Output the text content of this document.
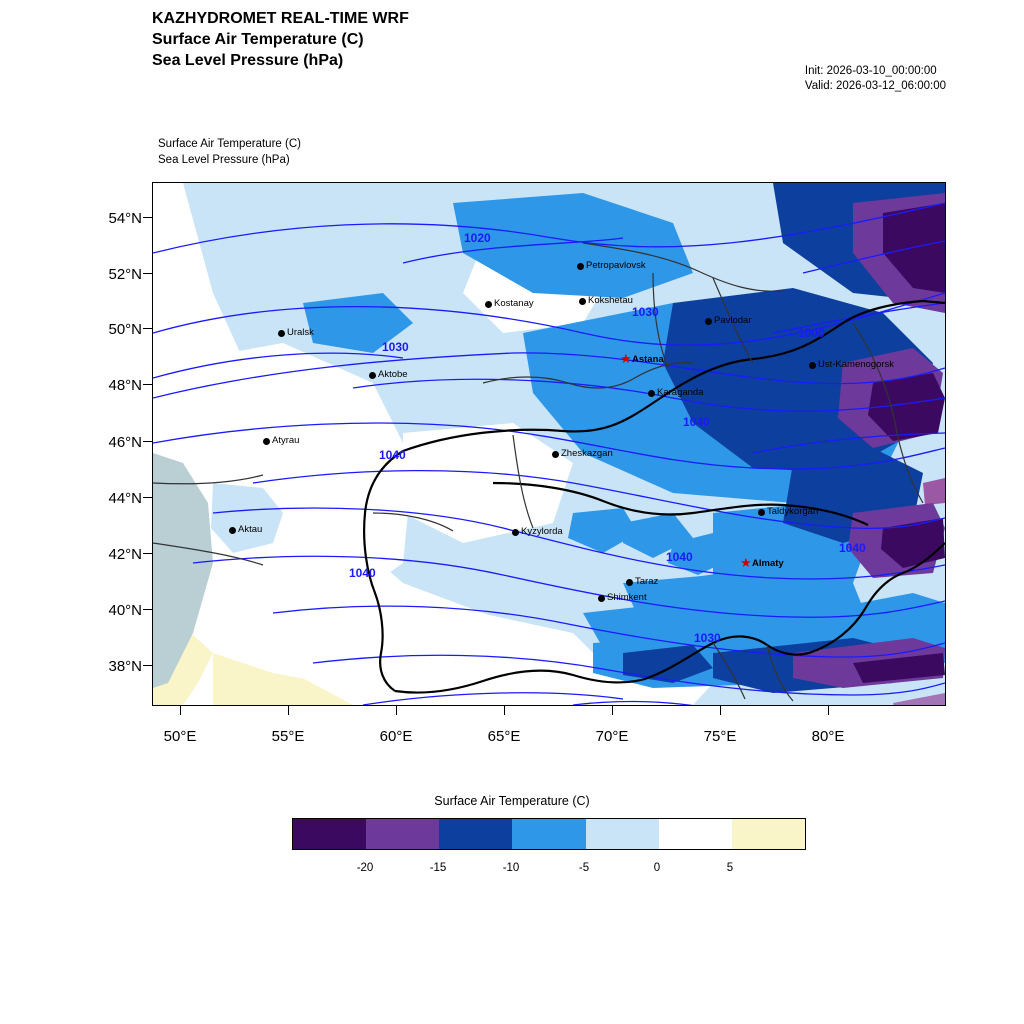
KAZHYDROMET REAL-TIME WRF
Surface Air Temperature (C)
Sea Level Pressure (hPa)
Init: 2026-03-10_00:00:00
Valid: 2026-03-12_06:00:00
Surface Air Temperature (C)
Sea Level Pressure (hPa)
1020
1030
1030
1040
1040
1040
1040
1040
1000
1030
Petropavlovsk
Kostanay	Kokshetau
Pavlodar
Uralsk
Aktobe
★ Astana	Ust-Kamenogorsk
Karaganda
Atyrau
Zheskazgan
Taldykorgan
Aktau	Kyzylorda
★ Almaty
Taraz
Shimkent
54°N
52°N
50°N
48°N
46°N
44°N
42°N
40°N
38°N
50°E	55°E	60°E	65°E	70°E	75°E	80°E
Surface Air Temperature (C)
-20	-15	-10	-5	0	5
